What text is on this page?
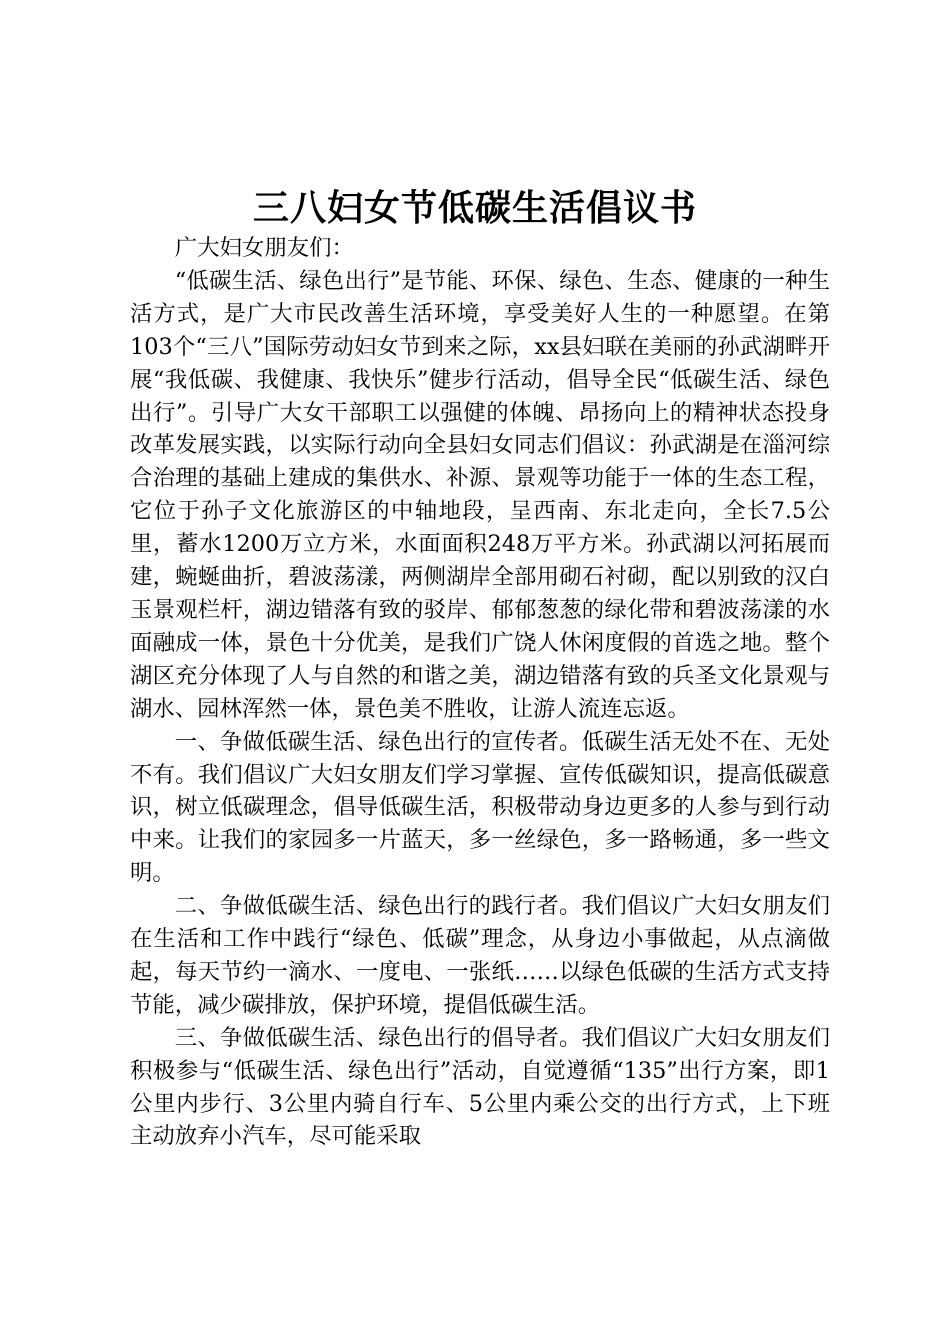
三八妇女节低碳生活倡议书

广大妇女朋友们：

“低碳生活、绿色出行”是节能、环保、绿色、生态、健康的一种生活方式，是广大市民改善生活环境，享受美好人生的一种愿望。在第103个“三八”国际劳动妇女节到来之际，xx县妇联在美丽的孙武湖畔开展“我低碳、我健康、我快乐”健步行活动，倡导全民“低碳生活、绿色出行”。引导广大女干部职工以强健的体魄、昂扬向上的精神状态投身改革发展实践，以实际行动向全县妇女同志们倡议：孙武湖是在淄河综合治理的基础上建成的集供水、补源、景观等功能于一体的生态工程，它位于孙子文化旅游区的中轴地段，呈西南、东北走向，全长7.5公里，蓄水1200万立方米，水面面积248万平方米。孙武湖以河拓展而建，蜿蜒曲折，碧波荡漾，两侧湖岸全部用砌石衬砌，配以别致的汉白玉景观栏杆，湖边错落有致的驳岸、郁郁葱葱的绿化带和碧波荡漾的水面融成一体，景色十分优美，是我们广饶人休闲度假的首选之地。整个湖区充分体现了人与自然的和谐之美，湖边错落有致的兵圣文化景观与湖水、园林浑然一体，景色美不胜收，让游人流连忘返。

一、争做低碳生活、绿色出行的宣传者。低碳生活无处不在、无处不有。我们倡议广大妇女朋友们学习掌握、宣传低碳知识，提高低碳意识，树立低碳理念，倡导低碳生活，积极带动身边更多的人参与到行动中来。让我们的家园多一片蓝天，多一丝绿色，多一路畅通，多一些文明。

二、争做低碳生活、绿色出行的践行者。我们倡议广大妇女朋友们在生活和工作中践行“绿色、低碳”理念，从身边小事做起，从点滴做起，每天节约一滴水、一度电、一张纸……以绿色低碳的生活方式支持节能，减少碳排放，保护环境，提倡低碳生活。

三、争做低碳生活、绿色出行的倡导者。我们倡议广大妇女朋友们积极参与“低碳生活、绿色出行”活动，自觉遵循“135”出行方案，即1公里内步行、3公里内骑自行车、5公里内乘公交的出行方式，上下班主动放弃小汽车，尽可能采取
